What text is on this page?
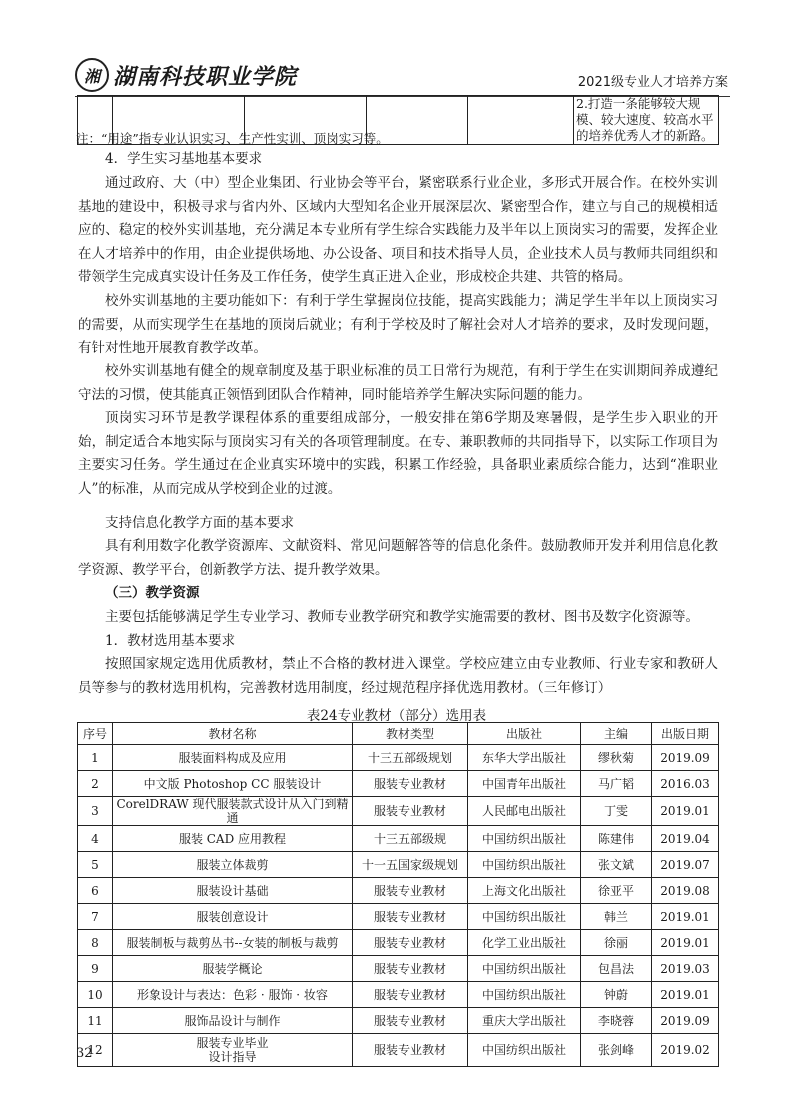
湘 湖南科技职业学院	2021级专业人才培养方案
					2.打造一条能够较大规模、较大速度、较高水平的培养优秀人才的新路。
注：“用途”指专业认识实习、生产性实训、顶岗实习等。

4．学生实习基地基本要求

通过政府、大（中）型企业集团、行业协会等平台，紧密联系行业企业，多形式开展合作。在校外实训基地的建设中，积极寻求与省内外、区域内大型知名企业开展深层次、紧密型合作，建立与自己的规模相适应的、稳定的校外实训基地，充分满足本专业所有学生综合实践能力及半年以上顶岗实习的需要，发挥企业在人才培养中的作用，由企业提供场地、办公设备、项目和技术指导人员，企业技术人员与教师共同组织和带领学生完成真实设计任务及工作任务，使学生真正进入企业，形成校企共建、共管的格局。

校外实训基地的主要功能如下：有利于学生掌握岗位技能，提高实践能力；满足学生半年以上顶岗实习的需要，从而实现学生在基地的顶岗后就业；有利于学校及时了解社会对人才培养的要求，及时发现问题，有针对性地开展教育教学改革。

校外实训基地有健全的规章制度及基于职业标准的员工日常行为规范，有利于学生在实训期间养成遵纪守法的习惯，使其能真正领悟到团队合作精神，同时能培养学生解决实际问题的能力。

顶岗实习环节是教学课程体系的重要组成部分，一般安排在第6学期及寒暑假，是学生步入职业的开始，制定适合本地实际与顶岗实习有关的各项管理制度。在专、兼职教师的共同指导下，以实际工作项目为主要实习任务。学生通过在企业真实环境中的实践，积累工作经验，具备职业素质综合能力，达到“准职业人”的标准，从而完成从学校到企业的过渡。

支持信息化教学方面的基本要求

具有利用数字化教学资源库、文献资料、常见问题解答等的信息化条件。鼓励教师开发并利用信息化教学资源、教学平台，创新教学方法、提升教学效果。

（三）教学资源

主要包括能够满足学生专业学习、教师专业教学研究和教学实施需要的教材、图书及数字化资源等。

1．教材选用基本要求

按照国家规定选用优质教材，禁止不合格的教材进入课堂。学校应建立由专业教师、行业专家和教研人员等参与的教材选用机构，完善教材选用制度，经过规范程序择优选用教材。（三年修订）

表24专业教材（部分）选用表
序号	教材名称	教材类型	出版社	主编	出版日期
1	服装面料构成及应用	十三五部级规划	东华大学出版社	缪秋菊	2019.09
2	中文版 Photoshop CC 服装设计	服装专业教材	中国青年出版社	马广韬	2016.03
3	CorelDRAW 现代服装款式设计从入门到精通	服装专业教材	人民邮电出版社	丁雯	2019.01
4	服装 CAD 应用教程	十三五部级规	中国纺织出版社	陈建伟	2019.04
5	服装立体裁剪	十一五国家级规划	中国纺织出版社	张文斌	2019.07
6	服装设计基础	服装专业教材	上海文化出版社	徐亚平	2019.08
7	服装创意设计	服装专业教材	中国纺织出版社	韩兰	2019.01
8	服装制板与裁剪丛书--女装的制板与裁剪	服装专业教材	化学工业出版社	徐丽	2019.01
9	服装学概论	服装专业教材	中国纺织出版社	包昌法	2019.03
10	形象设计与表达：色彩 · 服饰 · 妆容	服装专业教材	中国纺织出版社	钟蔚	2019.01
11	服饰品设计与制作	服装专业教材	重庆大学出版社	李晓蓉	2019.09
12	服装专业毕业
设计指导	服装专业教材	中国纺织出版社	张剑峰	2019.02
32
